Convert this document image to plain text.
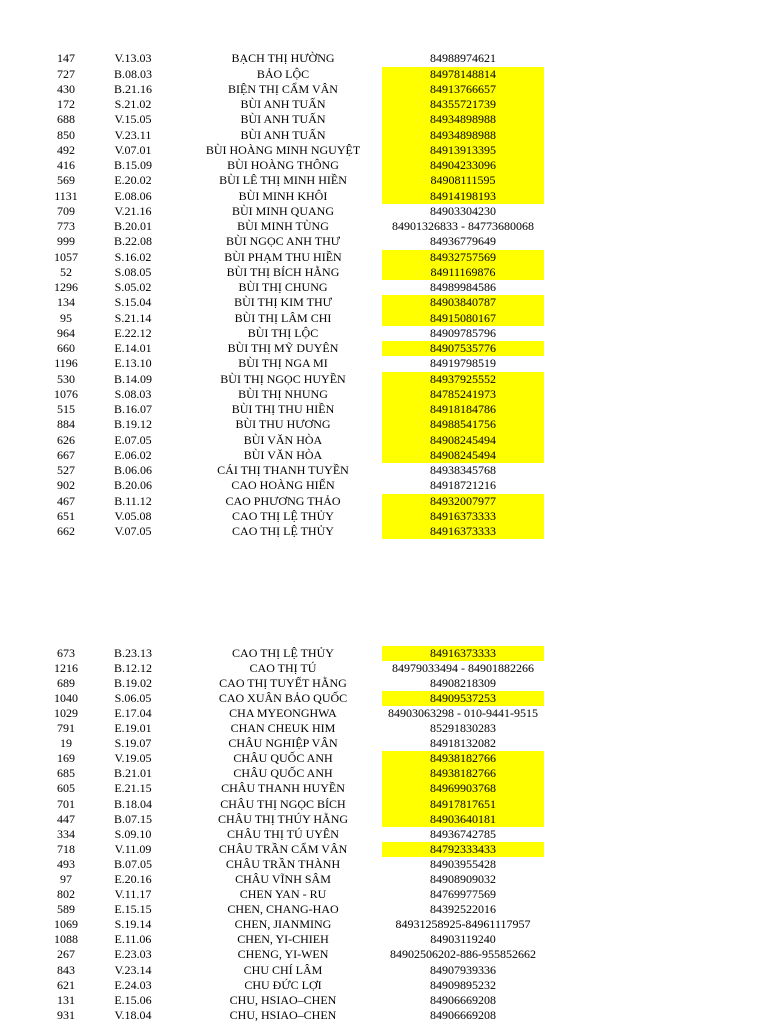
147	V.13.03	BẠCH THỊ HƯỜNG	84988974621
727	B.08.03	BẢO LỘC	84978148814
430	B.21.16	BIỆN THỊ CẨM VÂN	84913766657
172	S.21.02	BÙI ANH TUẤN	84355721739
688	V.15.05	BÙI ANH TUẤN	84934898988
850	V.23.11	BÙI ANH TUẤN	84934898988
492	V.07.01	BÙI HOÀNG MINH NGUYỆT	84913913395
416	B.15.09	BÙI HOÀNG THÔNG	84904233096
569	E.20.02	BÙI LÊ THỊ MINH HIỀN	84908111595
1131	E.08.06	BÙI MINH KHÔI	84914198193
709	V.21.16	BÙI MINH QUANG	84903304230
773	B.20.01	BÙI MINH TÙNG	84901326833 - 84773680068
999	B.22.08	BÙI NGỌC ANH THƯ	84936779649
1057	S.16.02	BÙI PHẠM THU HIỀN	84932757569
52	S.08.05	BÙI THỊ BÍCH HẰNG	84911169876
1296	S.05.02	BÙI THỊ CHUNG	84989984586
134	S.15.04	BÙI THỊ KIM THƯ	84903840787
95	S.21.14	BÙI THỊ LÂM CHI	84915080167
964	E.22.12	BÙI THỊ LỘC	84909785796
660	E.14.01	BÙI THỊ MỸ DUYÊN	84907535776
1196	E.13.10	BÙI THỊ NGA MI	84919798519
530	B.14.09	BÙI THỊ NGỌC HUYỀN	84937925552
1076	S.08.03	BÙI THỊ NHUNG	84785241973
515	B.16.07	BÙI THỊ THU HIỀN	84918184786
884	B.19.12	BÙI THU HƯƠNG	84988541756
626	E.07.05	BÙI VĂN HÒA	84908245494
667	E.06.02	BÙI VĂN HÒA	84908245494
527	B.06.06	CÁI THỊ THANH TUYỀN	84938345768
902	B.20.06	CAO HOÀNG HIỂN	84918721216
467	B.11.12	CAO PHƯƠNG THẢO	84932007977
651	V.05.08	CAO THỊ LỆ THỦY	84916373333
662	V.07.05	CAO THỊ LỆ THỦY	84916373333
673	B.23.13	CAO THỊ LỆ THỦY	84916373333
1216	B.12.12	CAO THỊ TÚ	84979033494 - 84901882266
689	B.19.02	CAO THỊ TUYẾT HẰNG	84908218309
1040	S.06.05	CAO XUÂN BẢO QUỐC	84909537253
1029	E.17.04	CHA MYEONGHWA	84903063298 - 010-9441-9515
791	E.19.01	CHAN CHEUK HIM	85291830283
19	S.19.07	CHÂU NGHIỆP VÂN	84918132082
169	V.19.05	CHÂU QUỐC ANH	84938182766
685	B.21.01	CHÂU QUỐC ANH	84938182766
605	E.21.15	CHÂU THANH HUYỀN	84969903768
701	B.18.04	CHÂU THỊ NGỌC BÍCH	84917817651
447	B.07.15	CHÂU THỊ THÚY HẰNG	84903640181
334	S.09.10	CHÂU THỊ TÚ UYÊN	84936742785
718	V.11.09	CHÂU TRẦN CẨM VÂN	84792333433
493	B.07.05	CHÂU TRẦN THÀNH	84903955428
97	E.20.16	CHÂU VĨNH SÂM	84908909032
802	V.11.17	CHEN YAN - RU	84769977569
589	E.15.15	CHEN, CHANG-HAO	84392522016
1069	S.19.14	CHEN, JIANMING	84931258925-84961117957
1088	E.11.06	CHEN, YI-CHIEH	84903119240
267	E.23.03	CHENG, YI-WEN	84902506202-886-955852662
843	V.23.14	CHU CHÍ LÂM	84907939336
621	E.24.03	CHU ĐỨC LỢI	84909895232
131	E.15.06	CHU, HSIAO–CHEN	84906669208
931	V.18.04	CHU, HSIAO–CHEN	84906669208
